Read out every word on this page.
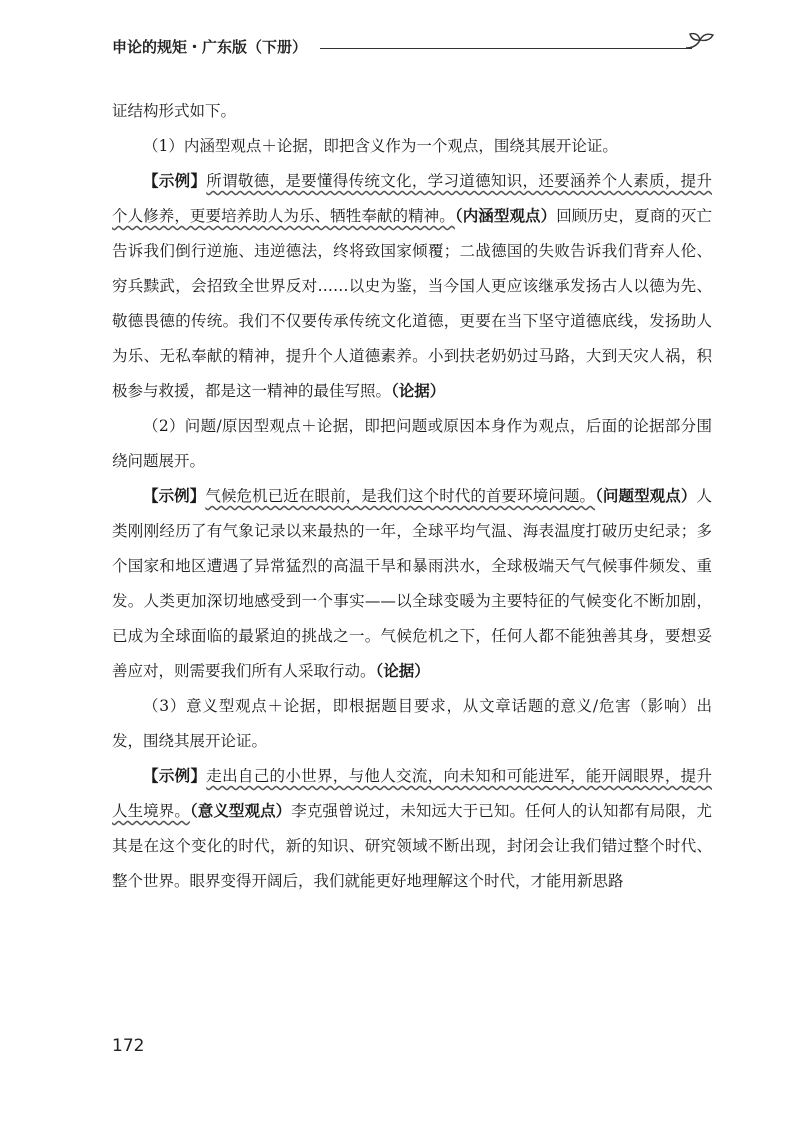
申论的规矩・广东版（下册）

证结构形式如下。

（1）内涵型观点＋论据，即把含义作为一个观点，围绕其展开论证。

【示例】所谓敬德，是要懂得传统文化，学习道德知识，还要涵养个人素质，提升个人修养，更要培养助人为乐、牺牲奉献的精神。（内涵型观点）回顾历史，夏商的灭亡告诉我们倒行逆施、违逆德法，终将致国家倾覆；二战德国的失败告诉我们背弃人伦、穷兵黩武，会招致全世界反对……以史为鉴，当今国人更应该继承发扬古人以德为先、敬德畏德的传统。我们不仅要传承传统文化道德，更要在当下坚守道德底线，发扬助人为乐、无私奉献的精神，提升个人道德素养。小到扶老奶奶过马路，大到天灾人祸，积极参与救援，都是这一精神的最佳写照。（论据）

（2）问题/原因型观点＋论据，即把问题或原因本身作为观点，后面的论据部分围绕问题展开。

【示例】气候危机已近在眼前，是我们这个时代的首要环境问题。（问题型观点）人类刚刚经历了有气象记录以来最热的一年，全球平均气温、海表温度打破历史纪录；多个国家和地区遭遇了异常猛烈的高温干旱和暴雨洪水，全球极端天气气候事件频发、重发。人类更加深切地感受到一个事实——以全球变暖为主要特征的气候变化不断加剧，已成为全球面临的最紧迫的挑战之一。气候危机之下，任何人都不能独善其身，要想妥善应对，则需要我们所有人采取行动。（论据）

（3）意义型观点＋论据，即根据题目要求，从文章话题的意义/危害（影响）出发，围绕其展开论证。

【示例】走出自己的小世界，与他人交流，向未知和可能进军，能开阔眼界，提升人生境界。（意义型观点）李克强曾说过，未知远大于已知。任何人的认知都有局限，尤其是在这个变化的时代，新的知识、研究领域不断出现，封闭会让我们错过整个时代、整个世界。眼界变得开阔后，我们就能更好地理解这个时代，才能用新思路

172
